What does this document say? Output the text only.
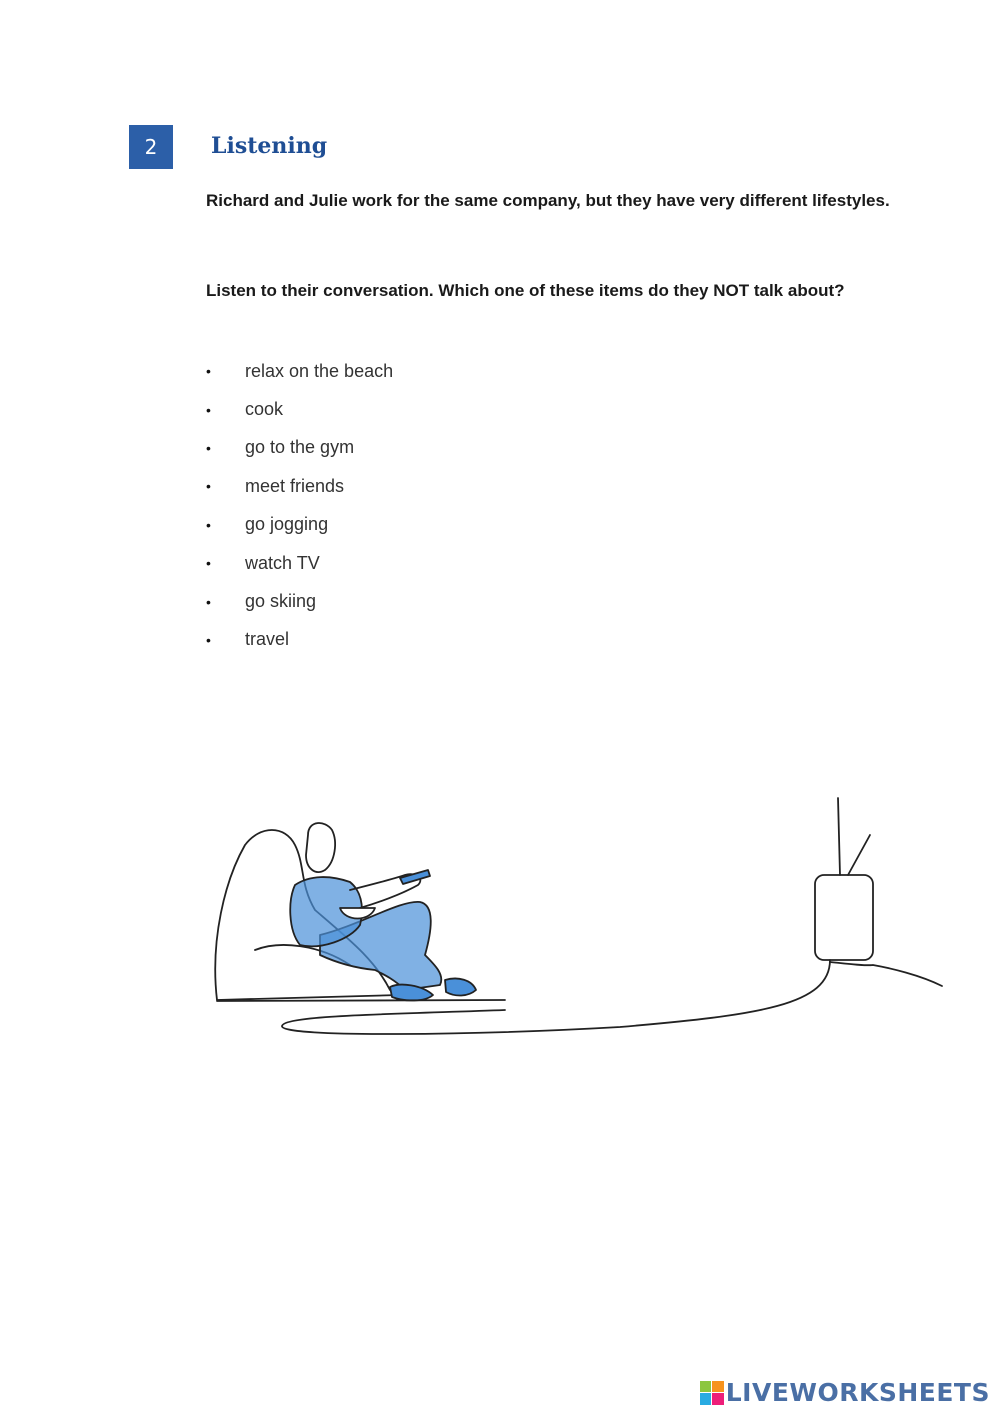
2	Listening

Richard and Julie work for the same company, but they have very different lifestyles.

Listen to their conversation. Which one of these items do they NOT talk about?

•	relax on the beach
•	cook
•	go to the gym
•	meet friends
•	go jogging
•	watch TV
•	go skiing
•	travel
LIVEWORKSHEETS
